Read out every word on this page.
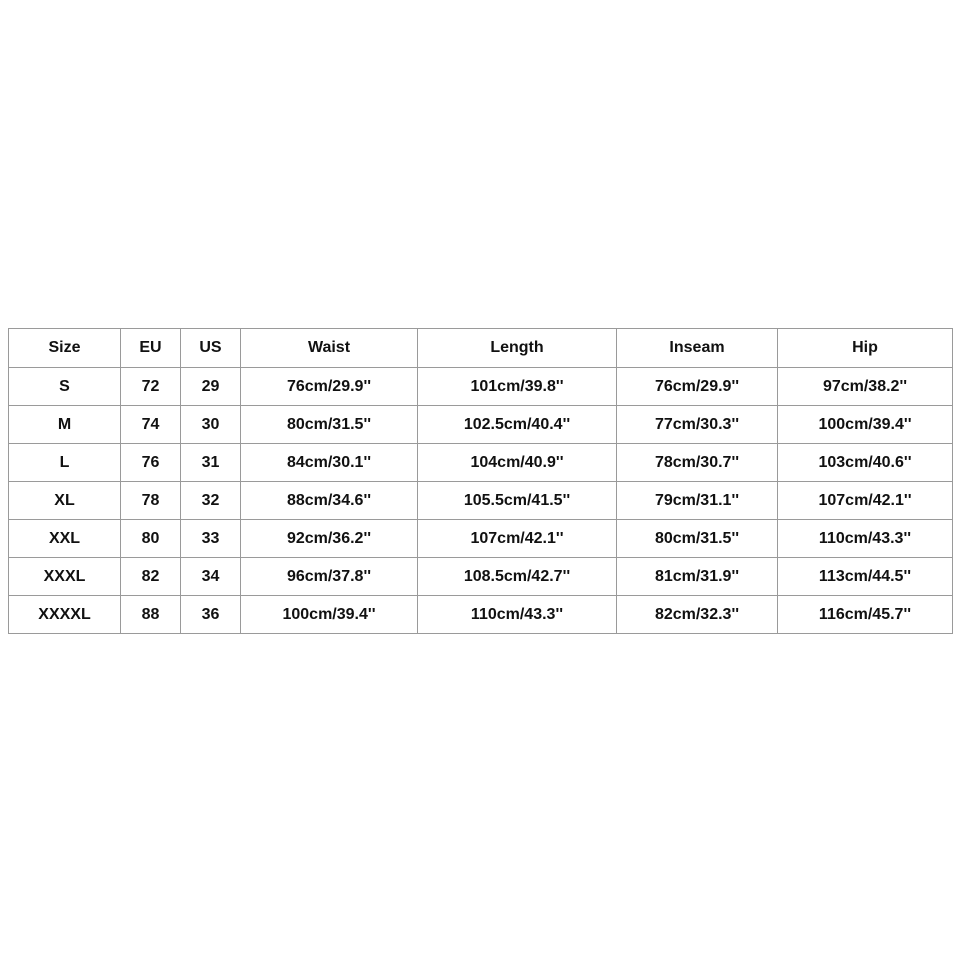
Size	EU	US	Waist	Length	Inseam	Hip
S	72	29	76cm/29.9''	101cm/39.8''	76cm/29.9''	97cm/38.2''
M	74	30	80cm/31.5''	102.5cm/40.4''	77cm/30.3''	100cm/39.4''
L	76	31	84cm/30.1''	104cm/40.9''	78cm/30.7''	103cm/40.6''
XL	78	32	88cm/34.6''	105.5cm/41.5''	79cm/31.1''	107cm/42.1''
XXL	80	33	92cm/36.2''	107cm/42.1''	80cm/31.5''	110cm/43.3''
XXXL	82	34	96cm/37.8''	108.5cm/42.7''	81cm/31.9''	113cm/44.5''
XXXXL	88	36	100cm/39.4''	110cm/43.3''	82cm/32.3''	116cm/45.7''
